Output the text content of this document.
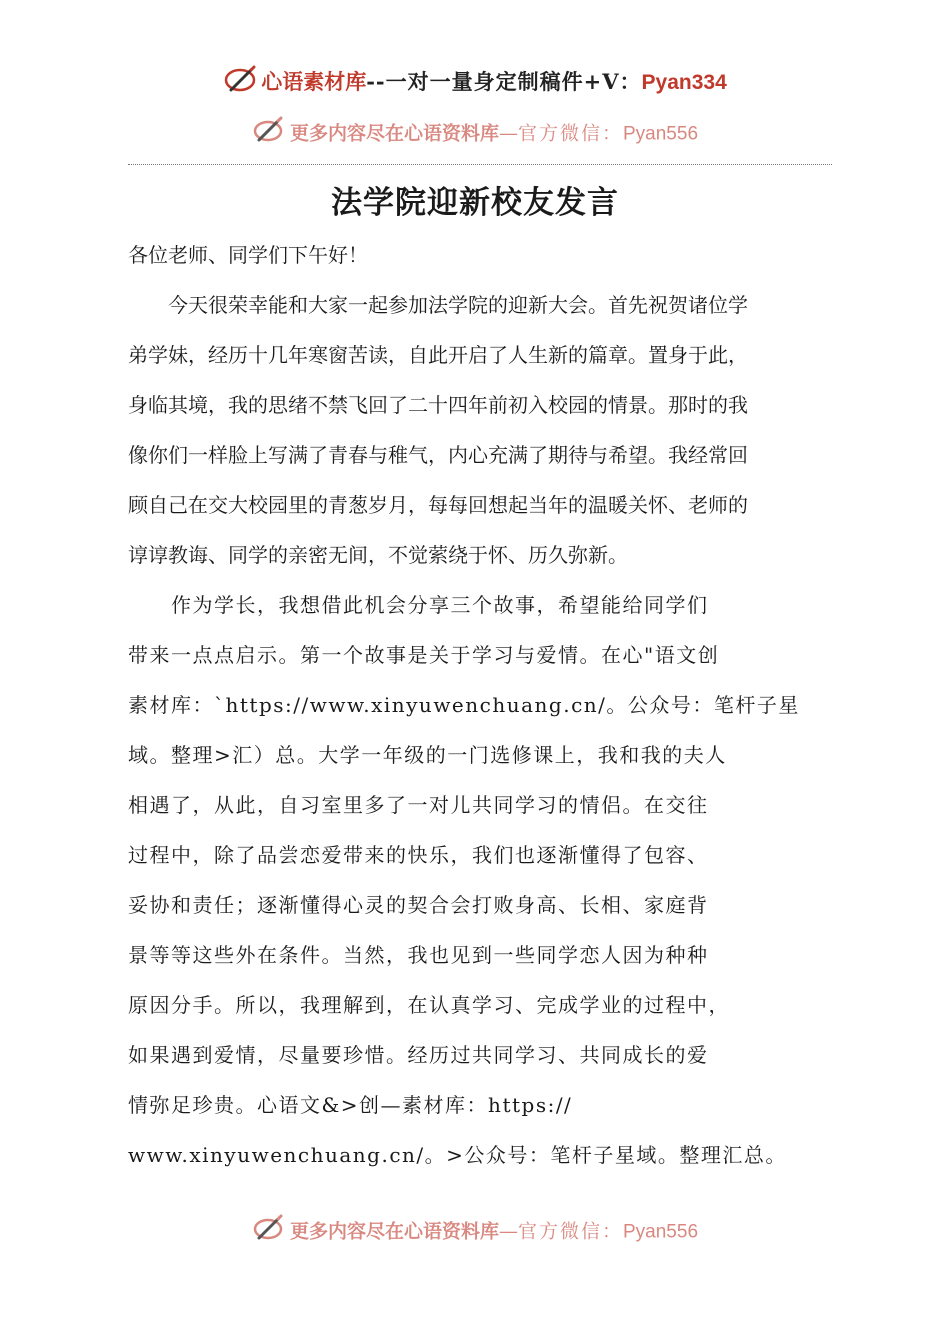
心语素材库--一对一量身定制稿件+V：Pyan334
更多内容尽在心语资料库—官方微信：Pyan556
法学院迎新校友发言
各位老师、同学们下午好！

　　今天很荣幸能和大家一起参加法学院的迎新大会。首先祝贺诸位学
弟学妹，经历十几年寒窗苦读，自此开启了人生新的篇章。置身于此，
身临其境，我的思绪不禁飞回了二十四年前初入校园的情景。那时的我
像你们一样脸上写满了青春与稚气，内心充满了期待与希望。我经常回
顾自己在交大校园里的青葱岁月，每每回想起当年的温暖关怀、老师的
谆谆教诲、同学的亲密无间，不觉萦绕于怀、历久弥新。

　　作为学长，我想借此机会分享三个故事，希望能给同学们
带来一点点启示。第一个故事是关于学习与爱情。在心"语文创
素材库：`https://www.xinyuwenchuang.cn/。公众号：笔杆子星
域。整理>汇）总。大学一年级的一门选修课上，我和我的夫人
相遇了，从此，自习室里多了一对儿共同学习的情侣。在交往
过程中，除了品尝恋爱带来的快乐，我们也逐渐懂得了包容、
妥协和责任；逐渐懂得心灵的契合会打败身高、长相、家庭背
景等等这些外在条件。当然，我也见到一些同学恋人因为种种
原因分手。所以，我理解到，在认真学习、完成学业的过程中，
如果遇到爱情，尽量要珍惜。经历过共同学习、共同成长的爱
情弥足珍贵。心语文&>创—素材库：https://
www.xinyuwenchuang.cn/。>公众号：笔杆子星域。整理汇总。

更多内容尽在心语资料库—官方微信：Pyan556
